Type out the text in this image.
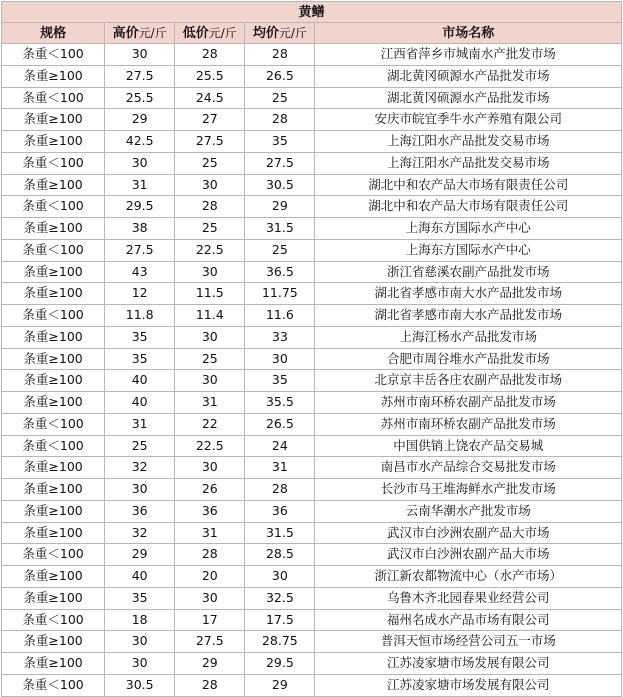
黄鳝				
规格	高价元/斤	低价元/斤	均价元/斤	市场名称
条重＜100	30	28	28	江西省萍乡市城南水产批发市场
条重≥100	27.5	25.5	26.5	湖北黄冈硕源水产品批发市场
条重＜100	25.5	24.5	25	湖北黄冈硕源水产品批发市场
条重≥100	29	27	28	安庆市皖宜季牛水产养殖有限公司
条重≥100	42.5	27.5	35	上海江阳水产品批发交易市场
条重＜100	30	25	27.5	上海江阳水产品批发交易市场
条重≥100	31	30	30.5	湖北中和农产品大市场有限责任公司
条重＜100	29.5	28	29	湖北中和农产品大市场有限责任公司
条重≥100	38	25	31.5	上海东方国际水产中心
条重＜100	27.5	22.5	25	上海东方国际水产中心
条重≥100	43	30	36.5	浙江省慈溪农副产品批发市场
条重≥100	12	11.5	11.75	湖北省孝感市南大水产品批发市场
条重＜100	11.8	11.4	11.6	湖北省孝感市南大水产品批发市场
条重≥100	35	30	33	上海江杨水产品批发市场
条重≥100	35	25	30	合肥市周谷堆水产品批发市场
条重≥100	40	30	35	北京京丰岳各庄农副产品批发市场
条重≥100	40	31	35.5	苏州市南环桥农副产品批发市场
条重＜100	31	22	26.5	苏州市南环桥农副产品批发市场
条重＜100	25	22.5	24	中国供销上饶农产品交易城
条重≥100	32	30	31	南昌市水产品综合交易批发市场
条重≥100	30	26	28	长沙市马王堆海鲜水产批发市场
条重≥100	36	36	36	云南华潮水产批发市场
条重≥100	32	31	31.5	武汉市白沙洲农副产品大市场
条重＜100	29	28	28.5	武汉市白沙洲农副产品大市场
条重≥100	40	20	30	浙江新农都物流中心（水产市场）
条重≥100	35	30	32.5	乌鲁木齐北园春果业经营公司
条重＜100	18	17	17.5	福州名成水产品市场有限公司
条重≥100	30	27.5	28.75	普洱天恒市场经营公司五一市场
条重≥100	30	29	29.5	江苏凌家塘市场发展有限公司
条重＜100	30.5	28	29	江苏凌家塘市场发展有限公司
